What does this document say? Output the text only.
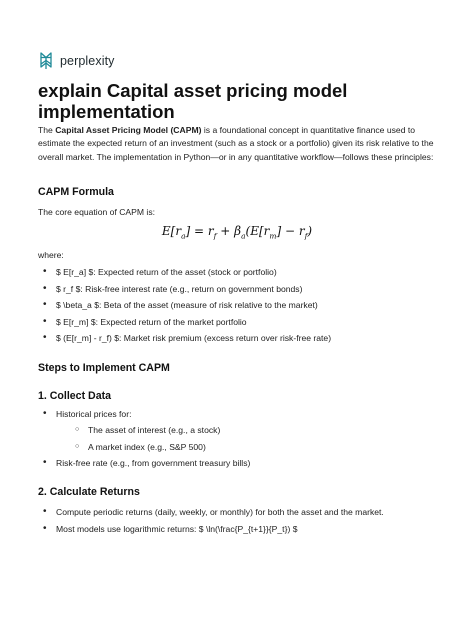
perplexity
explain Capital asset pricing model implementation

The Capital Asset Pricing Model (CAPM) is a foundational concept in quantitative finance used to estimate the expected return of an investment (such as a stock or a portfolio) given its risk relative to the overall market. The implementation in Python—or in any quantitative workflow—follows these principles:

CAPM Formula

The core equation of CAPM is:

$E[r_a] = r_f + \beta_a(E[r_m] - r_f)$

where:

• $ E[r_a] $: Expected return of the asset (stock or portfolio)
• $ r_f $: Risk-free interest rate (e.g., return on government bonds)
• $ \beta_a $: Beta of the asset (measure of risk relative to the market)
• $ E[r_m] $: Expected return of the market portfolio
• $ (E[r_m] - r_f) $: Market risk premium (excess return over risk-free rate)
Steps to Implement CAPM
1. Collect Data
• Historical prices for:
○ The asset of interest (e.g., a stock)
○ A market index (e.g., S&P 500)
• Risk-free rate (e.g., from government treasury bills)
2. Calculate Returns
• Compute periodic returns (daily, weekly, or monthly) for both the asset and the market.
• Most models use logarithmic returns: $ \ln(\frac{P_{t+1}}{P_t}) $
